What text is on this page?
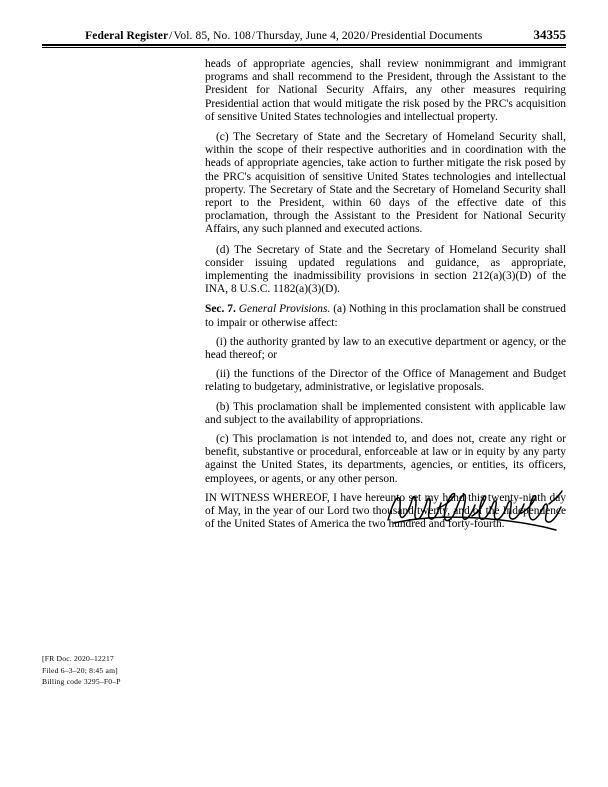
Federal Register/Vol. 85, No. 108/Thursday, June 4, 2020/Presidential Documents	34355

heads of appropriate agencies, shall review nonimmigrant and immigrant programs and shall recommend to the President, through the Assistant to the President for National Security Affairs, any other measures requiring Presidential action that would mitigate the risk posed by the PRC's acquisition of sensitive United States technologies and intellectual property.

(c) The Secretary of State and the Secretary of Homeland Security shall, within the scope of their respective authorities and in coordination with the heads of appropriate agencies, take action to further mitigate the risk posed by the PRC's acquisition of sensitive United States technologies and intellectual property. The Secretary of State and the Secretary of Homeland Security shall report to the President, within 60 days of the effective date of this proclamation, through the Assistant to the President for National Security Affairs, any such planned and executed actions.

(d) The Secretary of State and the Secretary of Homeland Security shall consider issuing updated regulations and guidance, as appropriate, implementing the inadmissibility provisions in section 212(a)(3)(D) of the INA, 8 U.S.C. 1182(a)(3)(D).

Sec. 7. General Provisions. (a) Nothing in this proclamation shall be construed to impair or otherwise affect:

(i) the authority granted by law to an executive department or agency, or the head thereof; or

(ii) the functions of the Director of the Office of Management and Budget relating to budgetary, administrative, or legislative proposals.

(b) This proclamation shall be implemented consistent with applicable law and subject to the availability of appropriations.

(c) This proclamation is not intended to, and does not, create any right or benefit, substantive or procedural, enforceable at law or in equity by any party against the United States, its departments, agencies, or entities, its officers, employees, or agents, or any other person.

IN WITNESS WHEREOF, I have hereunto set my hand this twenty-ninth day of May, in the year of our Lord two thousand twenty, and of the Independence of the United States of America the two hundred and forty-fourth.

[FR Doc. 2020–12217
Filed 6–3–20; 8:45 am]
Billing code 3295–F0–P
